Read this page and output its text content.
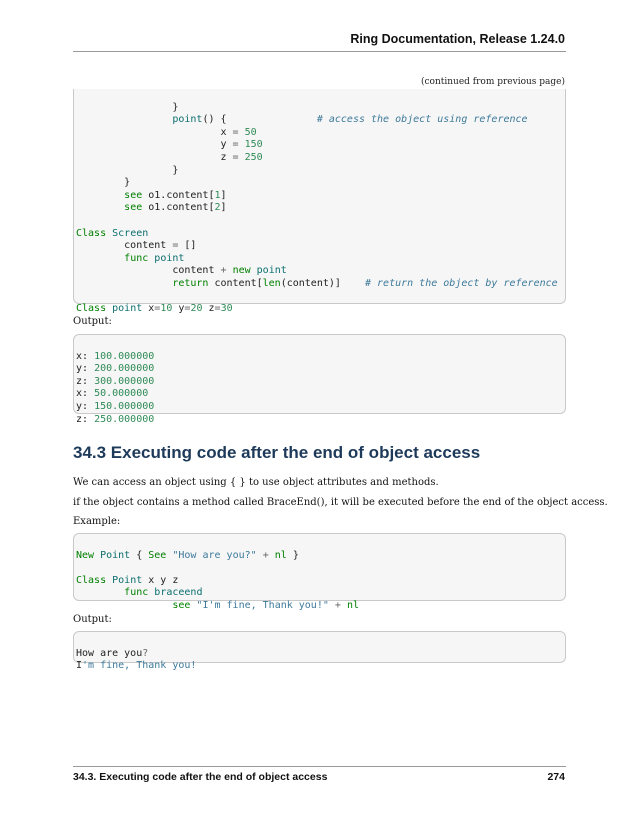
Ring Documentation, Release 1.24.0
(continued from previous page)

}
point() {               # access the object using reference
x = 50
y = 150
z = 250
}
}
see o1.content[1]
see o1.content[2]

Class Screen
content = []
func point
content + new point
return content[len(content)]    # return the object by reference

Class point x=10 y=20 z=30

Output:

x: 100.000000
y: 200.000000
z: 300.000000
x: 50.000000
y: 150.000000
z: 250.000000

34.3 Executing code after the end of object access
We can access an object using { } to use object attributes and methods.
if the object contains a method called BraceEnd(), it will be executed before the end of the object access.
Example:

New Point { See "How are you?" + nl }

Class Point x y z
func braceend
see "I'm fine, Thank you!" + nl

Output:

How are you?
I'm fine, Thank you!

34.3. Executing code after the end of object access	274
